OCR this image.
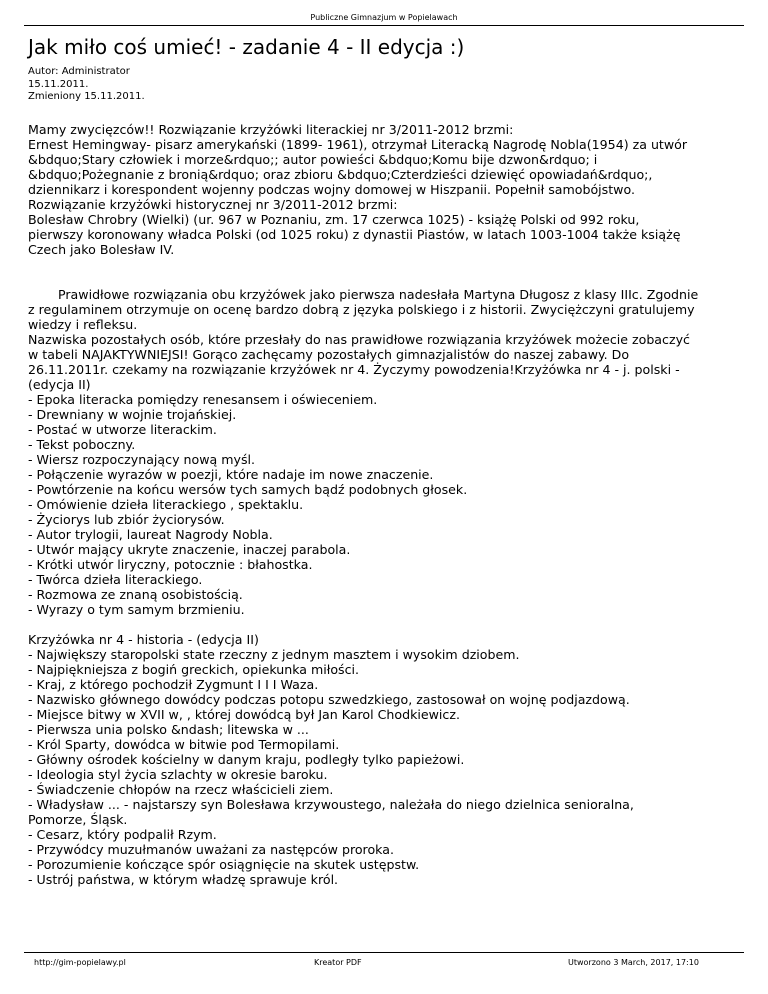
Publiczne Gimnazjum w Popielawach
Jak miło coś umieć! - zadanie 4 - II edycja :)
Autor: Administrator
15.11.2011.
Zmieniony 15.11.2011.
Mamy zwycięzców!! Rozwiązanie krzyżówki literackiej nr 3/2011-2012 brzmi:
Ernest Hemingway- pisarz amerykański (1899- 1961), otrzymał Literacką Nagrodę Nobla(1954) za utwór
&bdquo;Stary człowiek i morze&rdquo;; autor powieści &bdquo;Komu bije dzwon&rdquo; i
&bdquo;Pożegnanie z bronią&rdquo; oraz zbioru &bdquo;Czterdzieści dziewięć opowiadań&rdquo;,
dziennikarz i korespondent wojenny podczas wojny domowej w Hiszpanii. Popełnił samobójstwo.
Rozwiązanie krzyżówki historycznej nr 3/2011-2012 brzmi:
Bolesław Chrobry (Wielki) (ur. 967 w Poznaniu, zm. 17 czerwca 1025) - książę Polski od 992 roku,
pierwszy koronowany władca Polski (od 1025 roku) z dynastii Piastów, w latach 1003-1004 także książę
Czech jako Bolesław IV.
Prawidłowe rozwiązania obu krzyżówek jako pierwsza nadesłała Martyna Długosz z klasy IIIc. Zgodnie
z regulaminem otrzymuje on ocenę bardzo dobrą z języka polskiego i z historii. Zwyciężczyni gratulujemy
wiedzy i refleksu.
Nazwiska pozostałych osób, które przesłały do nas prawidłowe rozwiązania krzyżówek możecie zobaczyć
w tabeli NAJAKTYWNIEJSI! Gorąco zachęcamy pozostałych gimnazjalistów do naszej zabawy. Do
26.11.2011r. czekamy na rozwiązanie krzyżówek nr 4. Życzymy powodzenia!Krzyżówka nr 4 - j. polski -
(edycja II)
- Epoka literacka pomiędzy renesansem i oświeceniem.
- Drewniany w wojnie trojańskiej.
- Postać w utworze literackim.
- Tekst poboczny.
- Wiersz rozpoczynający nową myśl.
- Połączenie wyrazów w poezji, które nadaje im nowe znaczenie.
- Powtórzenie na końcu wersów tych samych bądź podobnych głosek.
- Omówienie dzieła literackiego , spektaklu.
- Życiorys lub zbiór życiorysów.
- Autor trylogii, laureat Nagrody Nobla.
- Utwór mający ukryte znaczenie, inaczej parabola.
- Krótki utwór liryczny, potocznie : błahostka.
- Twórca dzieła literackiego.
- Rozmowa ze znaną osobistością.
- Wyrazy o tym samym brzmieniu.
Krzyżówka nr 4 - historia - (edycja II)
- Największy staropolski state rzeczny z jednym masztem i wysokim dziobem.
- Najpiękniejsza z bogiń greckich, opiekunka miłości.
- Kraj, z którego pochodził Zygmunt I I I Waza.
- Nazwisko głównego dowódcy podczas potopu szwedzkiego, zastosował on wojnę podjazdową.
- Miejsce bitwy w XVII w, , której dowódcą był Jan Karol Chodkiewicz.
- Pierwsza unia polsko &ndash; litewska w ...
- Król Sparty, dowódca w bitwie pod Termopilami.
- Główny ośrodek kościelny w danym kraju, podległy tylko papieżowi.
- Ideologia styl życia szlachty w okresie baroku.
- Świadczenie chłopów na rzecz właścicieli ziem.
- Władysław ... - najstarszy syn Bolesława krzywoustego, należała do niego dzielnica senioralna,
Pomorze, Śląsk.
- Cesarz, który podpalił Rzym.
- Przywódcy muzułmanów uważani za następców proroka.
- Porozumienie kończące spór osiągnięcie na skutek ustępstw.
- Ustrój państwa, w którym władzę sprawuje król.
http://gim-popielawy.pl	Kreator PDF	Utworzono 3 March, 2017, 17:10
